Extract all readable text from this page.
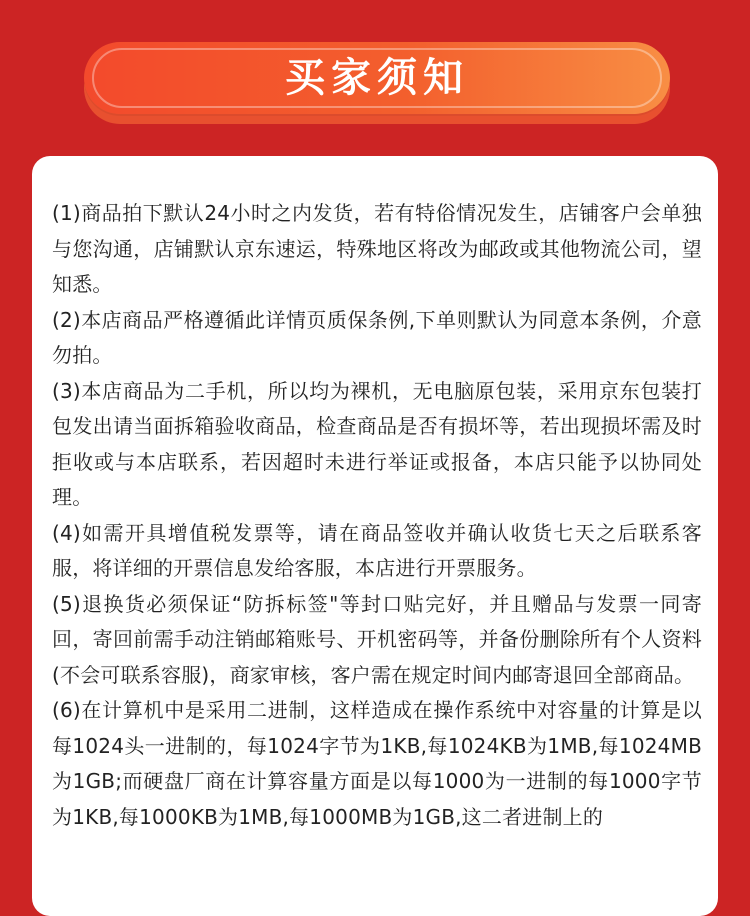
买家须知

(1)商品拍下默认24小时之内发货，若有特俗情况发生，店铺客户会单独与您沟通，店铺默认京东速运，特殊地区将改为邮政或其他物流公司，望知悉。

(2)本店商品严格遵循此详情页质保条例,下单则默认为同意本条例，介意勿拍。

(3)本店商品为二手机，所以均为裸机，无电脑原包装，采用京东包装打包发出请当面拆箱验收商品，检查商品是否有损坏等，若出现损坏需及时拒收或与本店联系，若因超时未进行举证或报备，本店只能予以协同处理。

(4)如需开具增值税发票等，请在商品签收并确认收货七天之后联系客服，将详细的开票信息发给客服，本店进行开票服务。

(5)退换货必须保证“防拆标签"等封口贴完好，并且赠品与发票一同寄回，寄回前需手动注销邮箱账号、开机密码等，并备份删除所有个人资料(不会可联系容服)，商家审核，客户需在规定时间内邮寄退回全部商品。

(6)在计算机中是采用二进制，这样造成在操作系统中对容量的计算是以每1024头一进制的，每1024字节为1KB,每1024KB为1MB,每1024MB为1GB;而硬盘厂商在计算容量方面是以每1000为一进制的每1000字节为1KB,每1000KB为1MB,每1000MB为1GB,这二者进制上的
